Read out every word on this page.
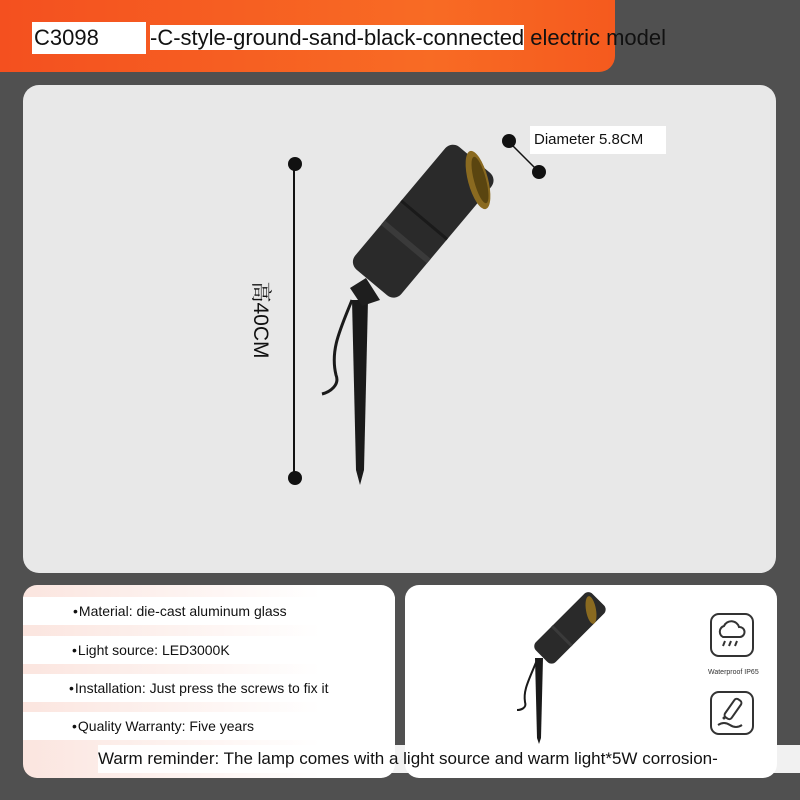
C3098	-C-style-ground-sand-black-connected electric model
高40CM
Diameter 5.8CM
•Material: die-cast aluminum glass
•Light source: LED3000K
•Installation: Just press the screws to fix it
•Quality Warranty: Five years
Waterproof IP65
Warm reminder: The lamp comes with a light source and warm light*5W corrosion-
